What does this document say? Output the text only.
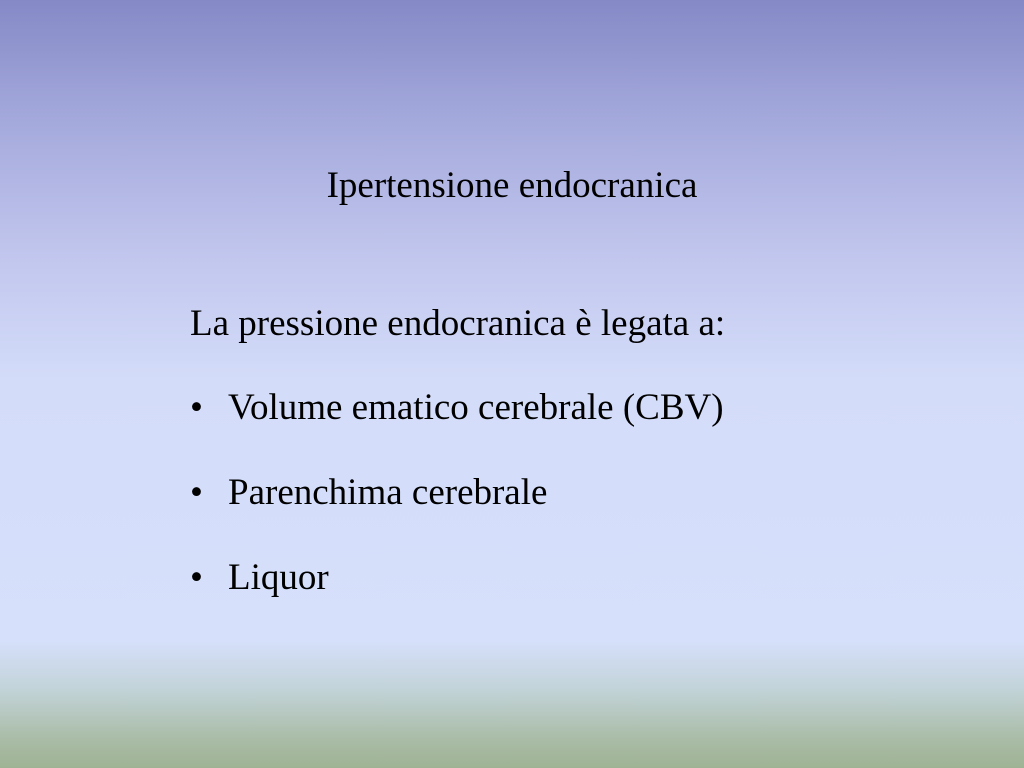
Ipertensione endocranica
La pressione endocranica è legata a:
• Volume ematico cerebrale (CBV)
• Parenchima cerebrale
• Liquor
